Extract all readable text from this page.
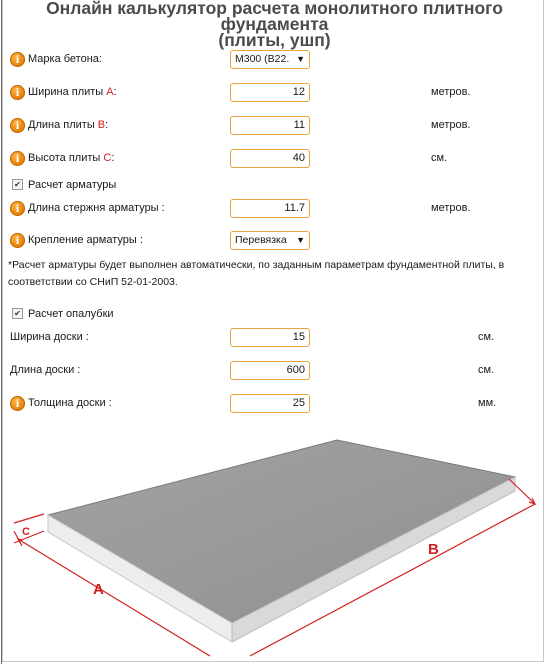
Онлайн калькулятор расчета монолитного плитного фундамента
(плиты, ушп)
i Марка бетона:	М300 (В22. ▼
i Ширина плиты A:	12	метров.
i Длина плиты B:	11	метров.
i Высота плиты C:	40	см.
✔ Расчет арматуры
i Длина стержня арматуры :	11.7	метров.
i Крепление арматуры :	Перевязка ▼
*Расчет арматуры будет выполнен автоматически, по заданным параметрам фундаментной плиты, в соответствии со СНиП 52-01-2003.
✔ Расчет опалубки
Ширина доски :	15	см.
Длина доски :	600	см.
i Толщина доски :	25	мм.
A
B
C
